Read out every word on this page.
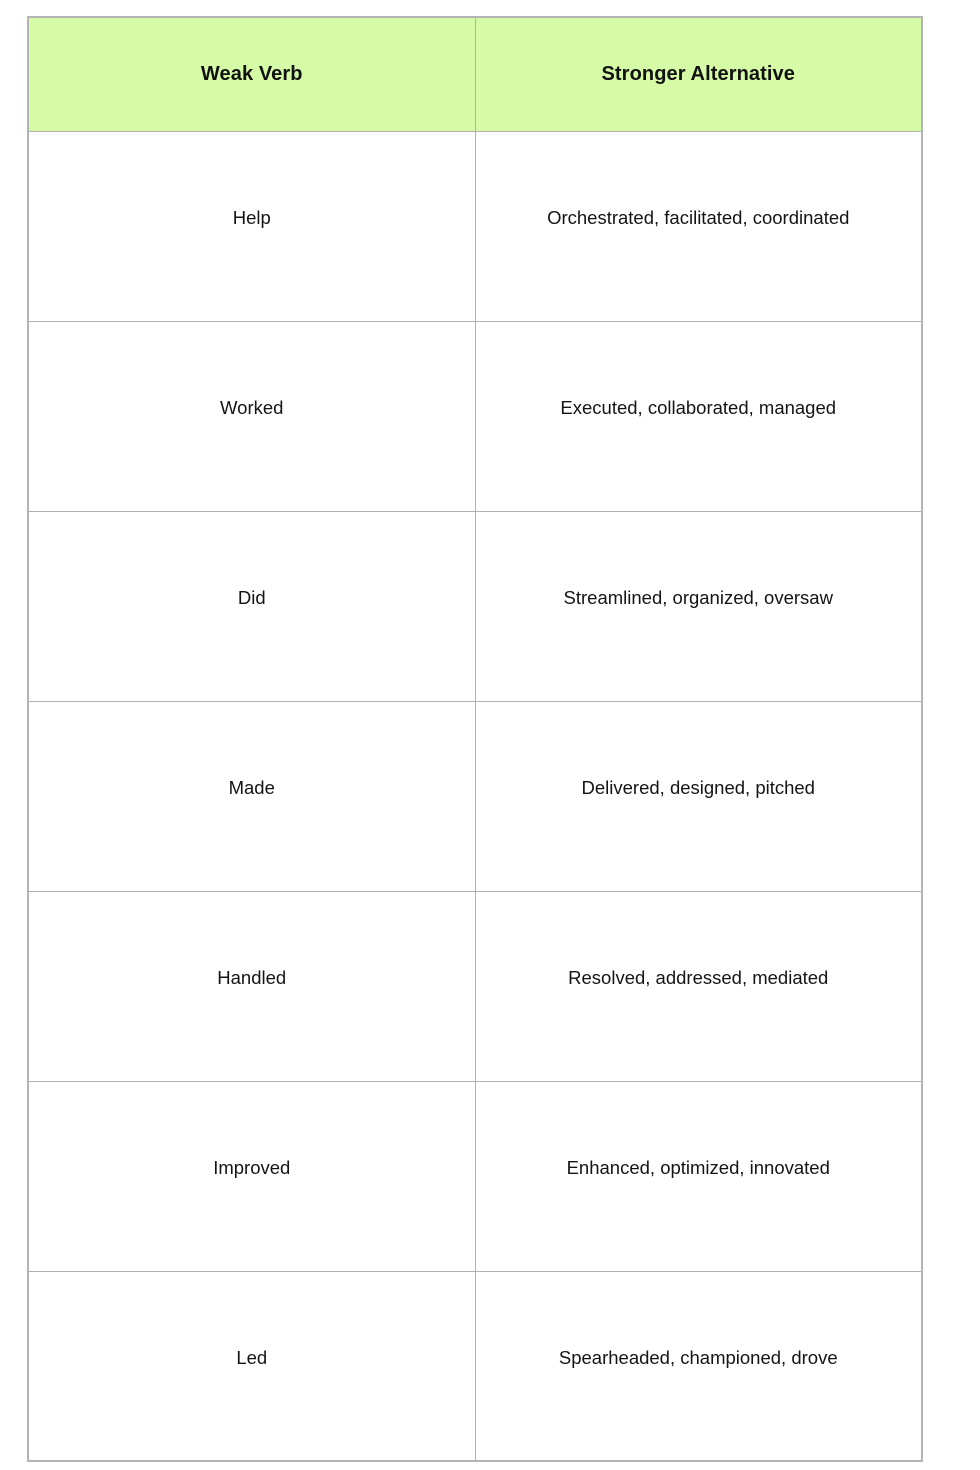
Weak Verb	Stronger Alternative

Help	Orchestrated, facilitated, coordinated

Worked	Executed, collaborated, managed

Did	Streamlined, organized, oversaw

Made	Delivered, designed, pitched

Handled	Resolved, addressed, mediated

Improved	Enhanced, optimized, innovated

Led	Spearheaded, championed, drove
